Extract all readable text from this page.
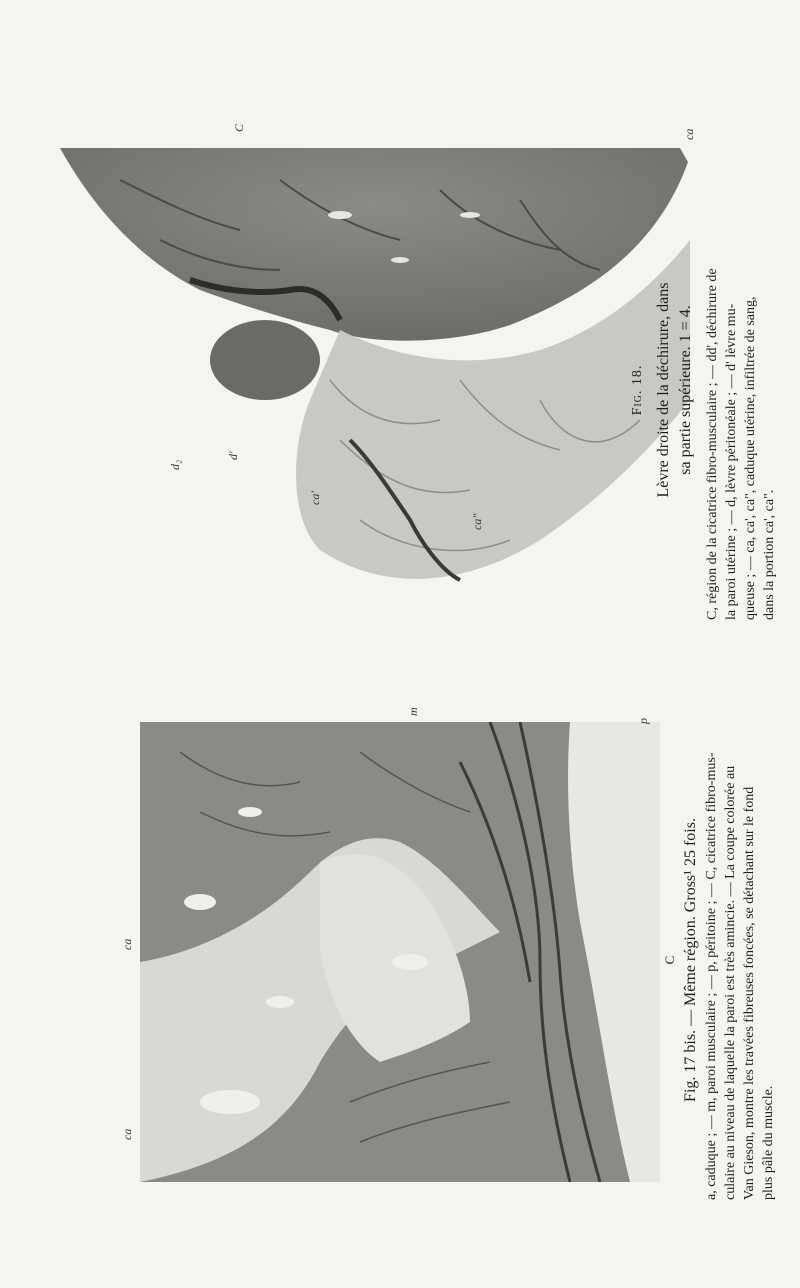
C
ca
d₂
d'
ca'
ca"

Fig. 18. Lèvre droite de la déchirure, dans sa partie supérieure. 1 = 4. C, région de la cicatrice fibro-musculaire ; — dd', déchirure de la paroi utérine ; — d, lèvre péritonéale ; — d' lèvre mu- queuse ; — ca, ca', ca", caduque utérine, infiltrée de sang, dans la portion ca', ca".

m
p
ca
ca

C Fig. 17 bis. — Même région. Gross¹ 25 fois. a, caduque ; — m, paroi musculaire ; — p, péritoine ; — C, cicatrice fibro-mus- culaire au niveau de laquelle la paroi est très amincie. — La coupe colorée au Van Gieson, montre les travées fibreuses foncées, se détachant sur le fond plus pâle du muscle.
